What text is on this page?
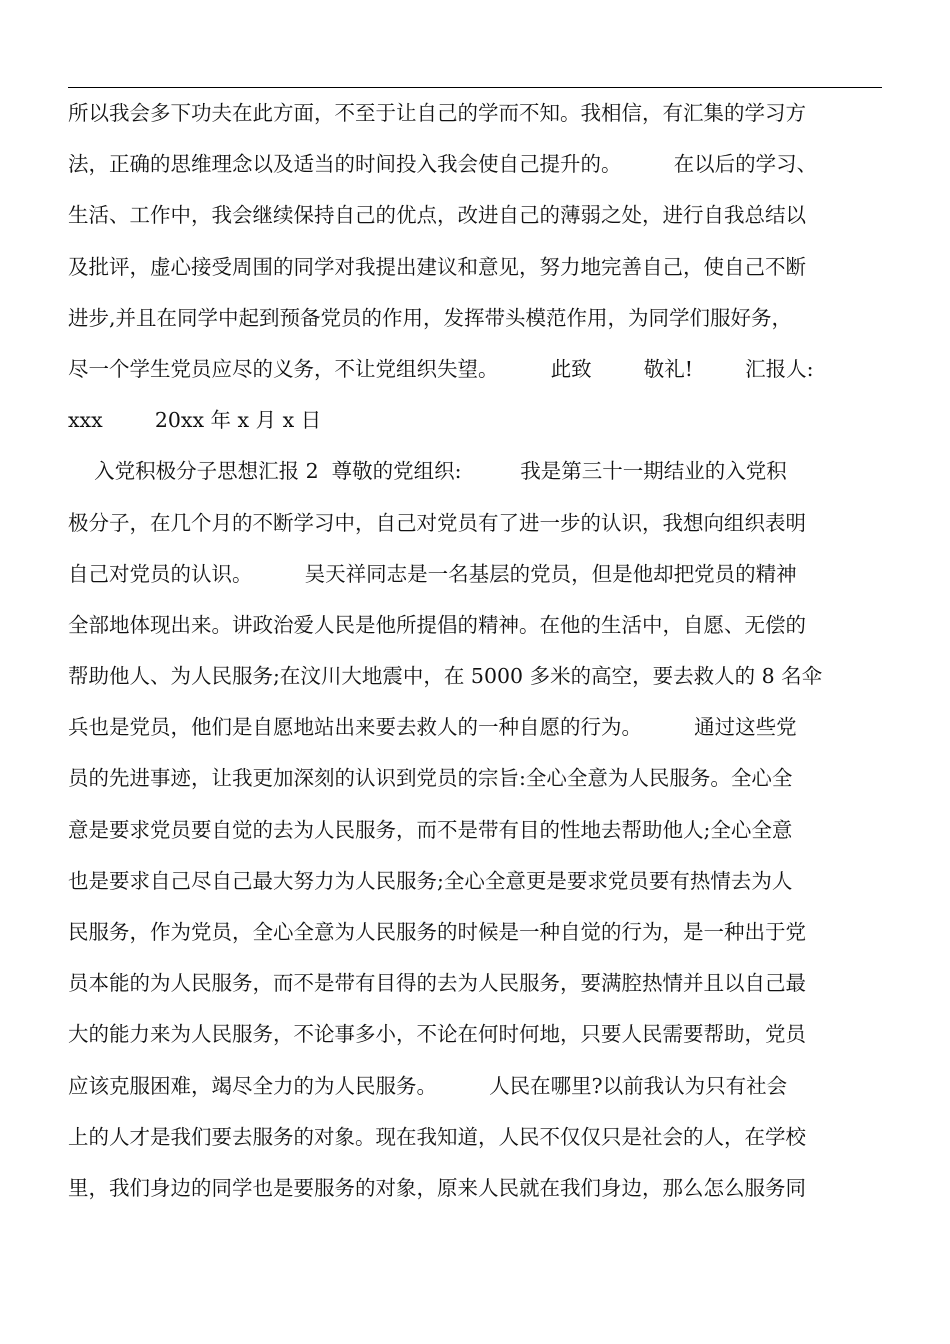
所以我会多下功夫在此方面，不至于让自己的学而不知。我相信，有汇集的学习方
法，正确的思维理念以及适当的时间投入我会使自己提升的。        在以后的学习、
生活、工作中，我会继续保持自己的优点，改进自己的薄弱之处，进行自我总结以
及批评，虚心接受周围的同学对我提出建议和意见，努力地完善自己，使自己不断
进步,并且在同学中起到预备党员的作用，发挥带头模范作用，为同学们服好务，
尽一个学生党员应尽的义务，不让党组织失望。        此致        敬礼!        汇报人:
xxx        20xx 年 x 月 x 日
入党积极分子思想汇报 2  尊敬的党组织:         我是第三十一期结业的入党积
极分子，在几个月的不断学习中，自己对党员有了进一步的认识，我想向组织表明
自己对党员的认识。        吴天祥同志是一名基层的党员，但是他却把党员的精神
全部地体现出来。讲政治爱人民是他所提倡的精神。在他的生活中，自愿、无偿的
帮助他人、为人民服务;在汶川大地震中，在 5000 多米的高空，要去救人的 8 名伞
兵也是党员，他们是自愿地站出来要去救人的一种自愿的行为。        通过这些党
员的先进事迹，让我更加深刻的认识到党员的宗旨:全心全意为人民服务。全心全
意是要求党员要自觉的去为人民服务，而不是带有目的性地去帮助他人;全心全意
也是要求自己尽自己最大努力为人民服务;全心全意更是要求党员要有热情去为人
民服务，作为党员，全心全意为人民服务的时候是一种自觉的行为，是一种出于党
员本能的为人民服务，而不是带有目得的去为人民服务，要满腔热情并且以自己最
大的能力来为人民服务，不论事多小，不论在何时何地，只要人民需要帮助，党员
应该克服困难，竭尽全力的为人民服务。        人民在哪里?以前我认为只有社会
上的人才是我们要去服务的对象。现在我知道，人民不仅仅只是社会的人，在学校
里，我们身边的同学也是要服务的对象，原来人民就在我们身边，那么怎么服务同
